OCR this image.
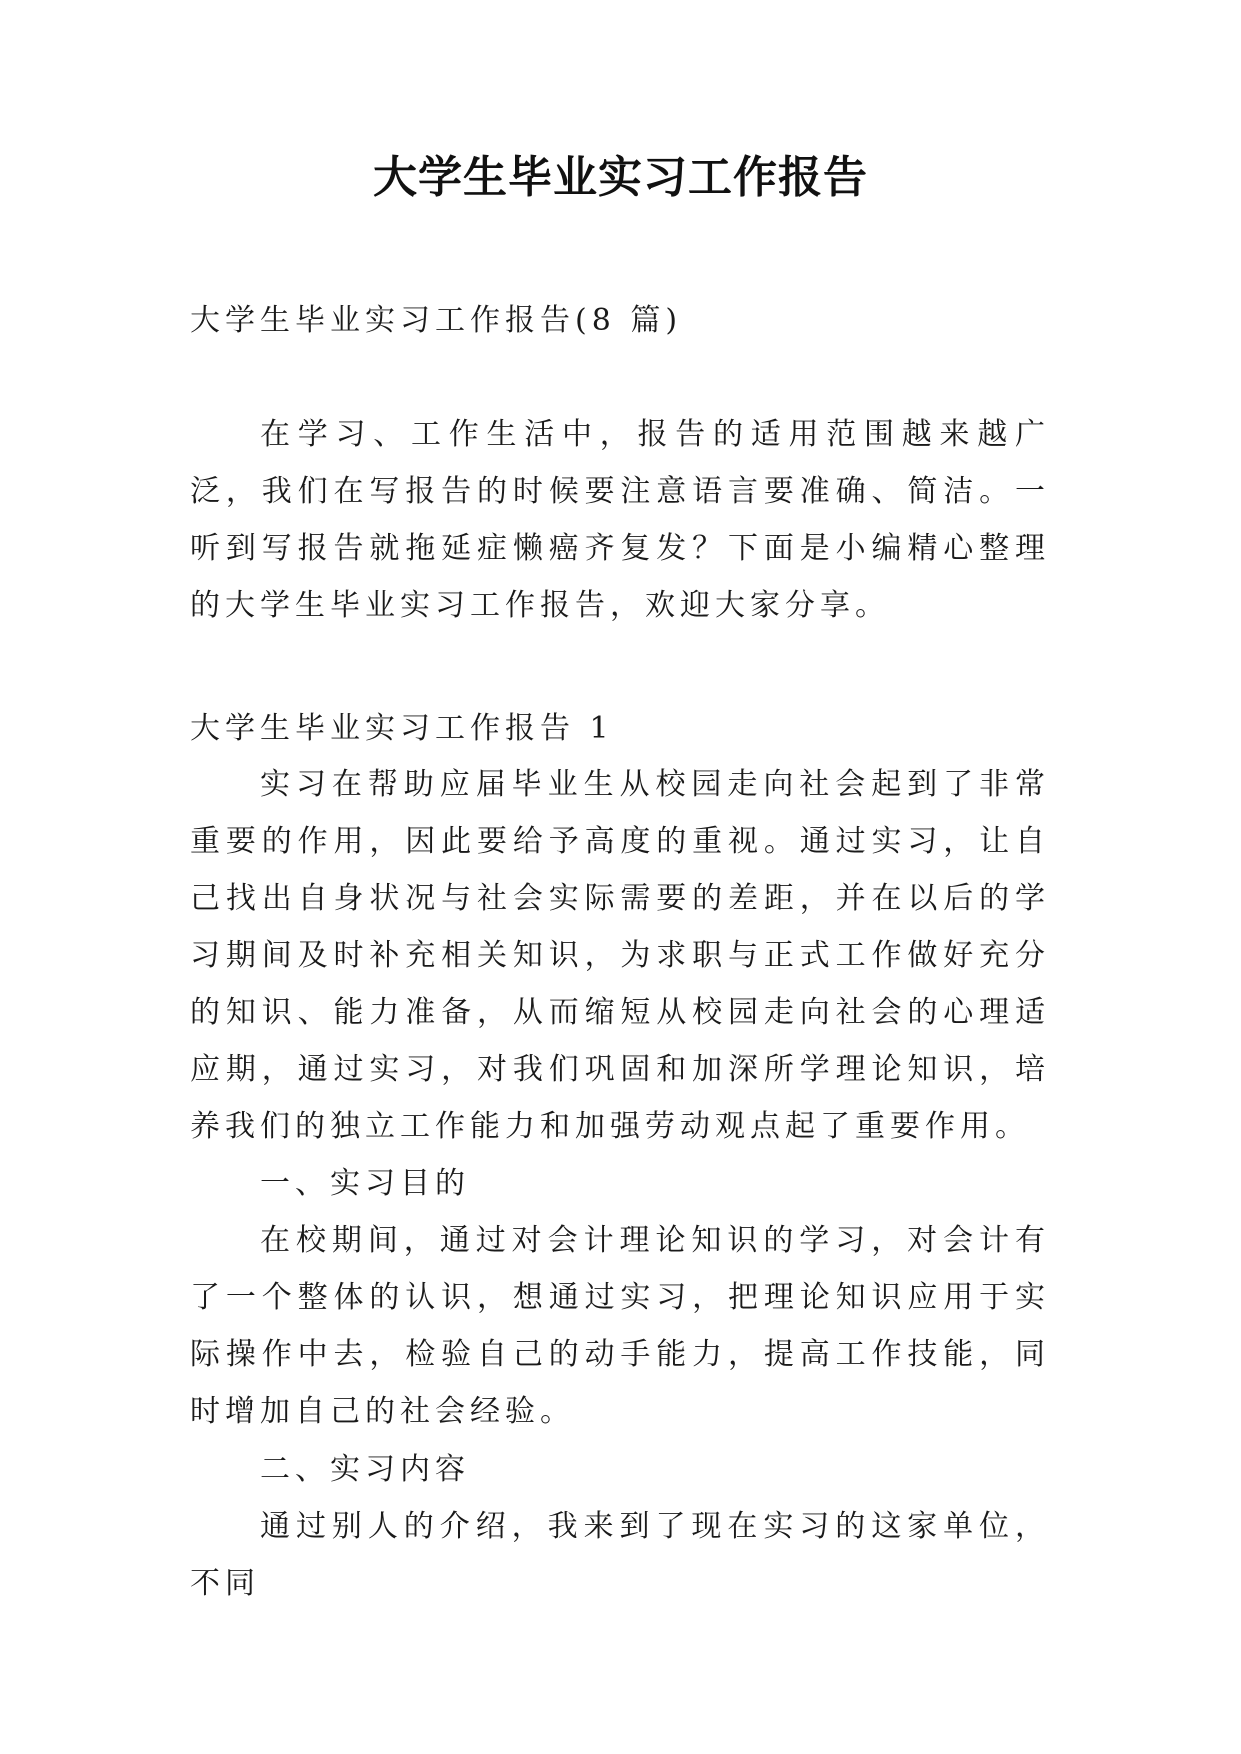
大学生毕业实习工作报告
大学生毕业实习工作报告(8 篇)
在学习、工作生活中，报告的适用范围越来越广泛，我们在写报告的时候要注意语言要准确、简洁。一听到写报告就拖延症懒癌齐复发？下面是小编精心整理的大学生毕业实习工作报告，欢迎大家分享。
大学生毕业实习工作报告 1
实习在帮助应届毕业生从校园走向社会起到了非常重要的作用，因此要给予高度的重视。通过实习，让自己找出自身状况与社会实际需要的差距，并在以后的学习期间及时补充相关知识，为求职与正式工作做好充分的知识、能力准备，从而缩短从校园走向社会的心理适应期，通过实习，对我们巩固和加深所学理论知识，培养我们的独立工作能力和加强劳动观点起了重要作用。
一、实习目的
在校期间，通过对会计理论知识的学习，对会计有了一个整体的认识，想通过实习，把理论知识应用于实际操作中去，检验自己的动手能力，提高工作技能，同时增加自己的社会经验。
二、实习内容
通过别人的介绍，我来到了现在实习的这家单位，不同
